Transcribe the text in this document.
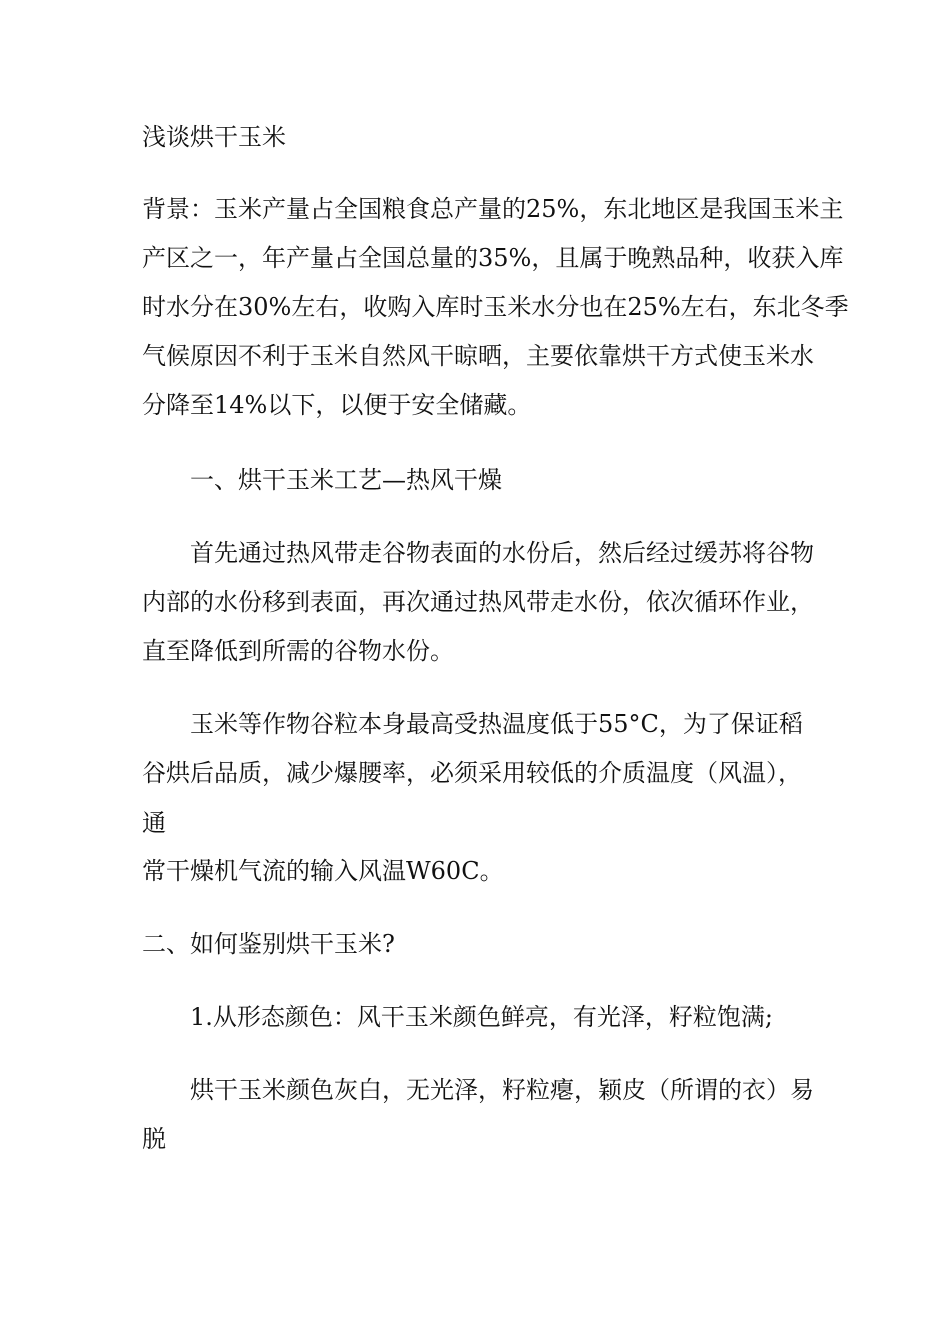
浅谈烘干玉米

背景：玉米产量占全国粮食总产量的25%，东北地区是我国玉米主

产区之一，年产量占全国总量的35%，且属于晚熟品种，收获入库

时水分在30%左右，收购入库时玉米水分也在25%左右，东北冬季

气候原因不利于玉米自然风干晾晒，主要依靠烘干方式使玉米水

分降至14%以下，以便于安全储藏。

一、烘干玉米工艺—热风干燥

首先通过热风带走谷物表面的水份后，然后经过缓苏将谷物

内部的水份移到表面，再次通过热风带走水份，依次循环作业，

直至降低到所需的谷物水份。

玉米等作物谷粒本身最高受热温度低于55°C，为了保证稻

谷烘后品质，减少爆腰率，必须采用较低的介质温度（风温），

通

常干燥机气流的输入风温W60C。

二、如何鉴别烘干玉米?

1.从形态颜色：风干玉米颜色鲜亮，有光泽，籽粒饱满;

烘干玉米颜色灰白，无光泽，籽粒瘪，颖皮（所谓的衣）易

脱
